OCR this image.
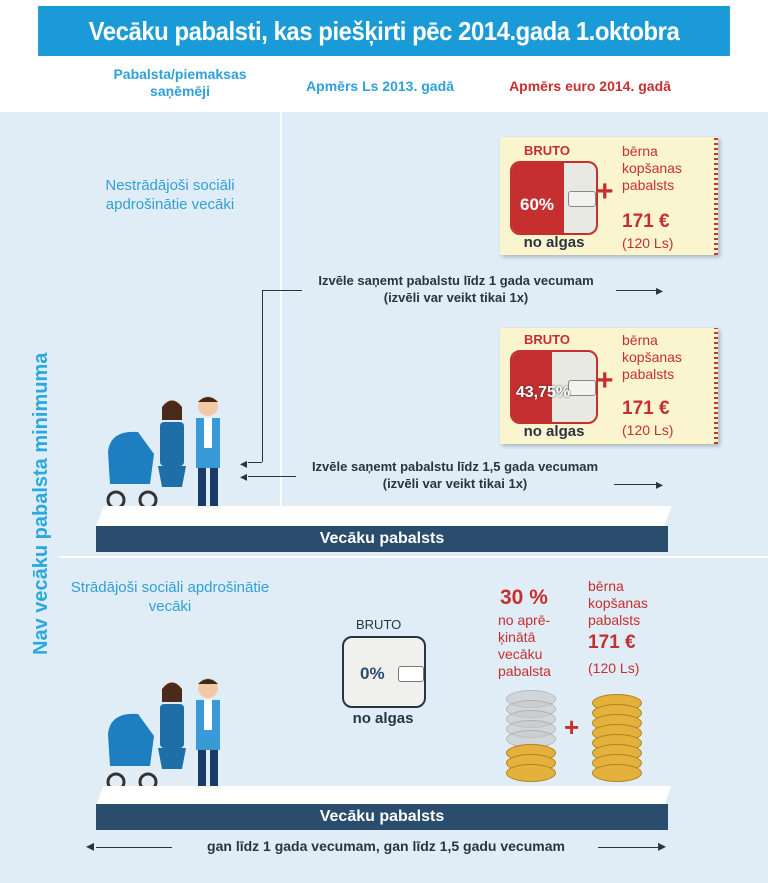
Vecāku pabalsti, kas piešķirti pēc 2014.gada 1.oktobra
Pabalsta/piemaksas saņēmēji	Apmērs Ls 2013. gadā	Apmērs euro 2014. gadā
Nav vecāku pabalsta minimuma
Nestrādājoši sociāli apdrošinātie vecāki
Strādājoši sociāli apdrošinātie vecāki
BRUTO
60%
no algas
+
bērna kopšanas pabalsts
171 €
(120 Ls)
Izvēle saņemt pabalstu līdz 1 gada vecumam (izvēli var veikt tikai 1x)	▸
◂
BRUTO
43,75%
no algas
+
bērna kopšanas pabalsts
171 €
(120 Ls)
Izvēle saņemt pabalstu līdz 1,5 gada vecumam (izvēli var veikt tikai 1x)
◂	▸
Vecāku pabalsts
BRUTO
0%
no algas
30 %
no aprē-ķinātā vecāku pabalsta
bērna kopšanas pabalsts
171 €
(120 Ls)
+
Vecāku pabalsts
◂	gan līdz 1 gada vecumam, gan līdz 1,5 gadu vecumam	▸
